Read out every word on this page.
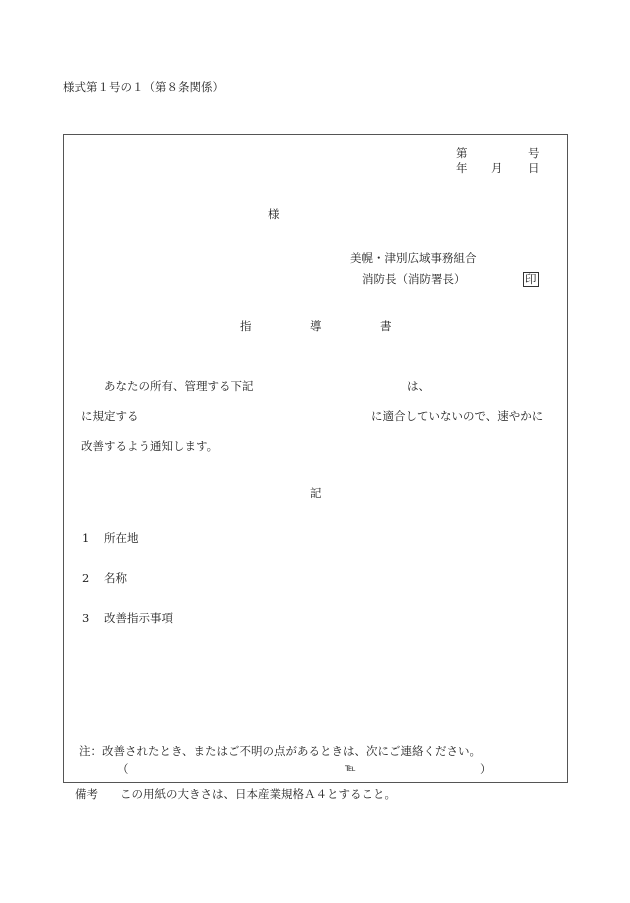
様式第１号の１（第８条関係）
第	号
年 月 日
様
美幌・津別広域事務組合
消防長（消防署長）	印
指	導	書
あなたの所有、管理する下記	は、
に規定する	に適合していないので、速やかに
改善するよう通知します。
記
1 所在地
2 名称
3 改善指示事項
注：改善されたとき、またはご不明の点があるときは、次にご連絡ください。
（	℡	）
備考 この用紙の大きさは、日本産業規格Ａ４とすること。
